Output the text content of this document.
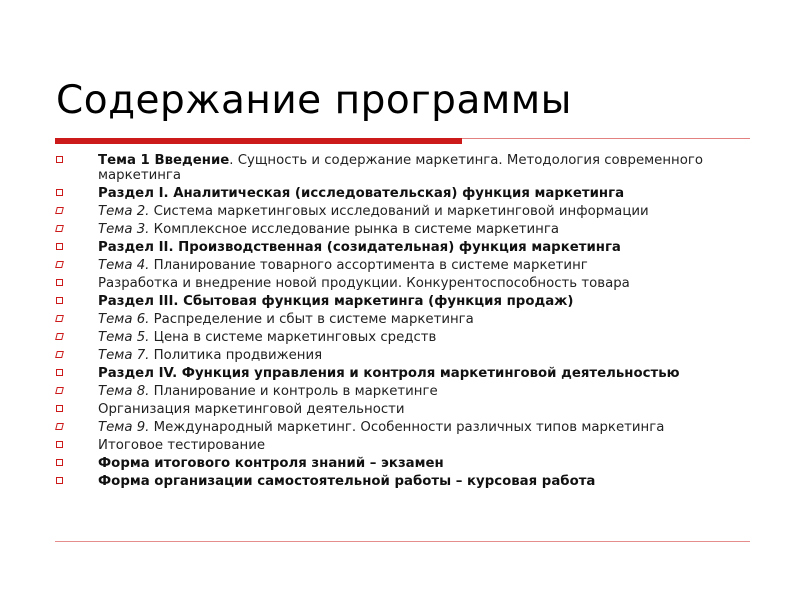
Содержание программы
Тема 1 Введение. Сущность и содержание маркетинга. Методология современного маркетинга
Раздел I. Аналитическая (исследовательская) функция маркетинга
Тема 2. Система маркетинговых исследований и маркетинговой информации
Тема 3. Комплексное исследование рынка в системе маркетинга
Раздел II. Производственная (созидательная) функция маркетинга
Тема 4. Планирование товарного ассортимента в системе маркетинг
Разработка и внедрение новой продукции. Конкурентоспособность товара
Раздел III. Сбытовая функция маркетинга (функция продаж)
Тема 6. Распределение и сбыт в системе маркетинга
Тема 5. Цена в системе маркетинговых средств
Тема 7. Политика продвижения
Раздел IV. Функция управления и контроля маркетинговой деятельностью
Тема 8. Планирование и контроль в маркетинге
Организация маркетинговой деятельности
Тема 9. Международный маркетинг. Особенности различных типов маркетинга
Итоговое тестирование
Форма итогового контроля знаний – экзамен
Форма организации самостоятельной работы – курсовая работа
